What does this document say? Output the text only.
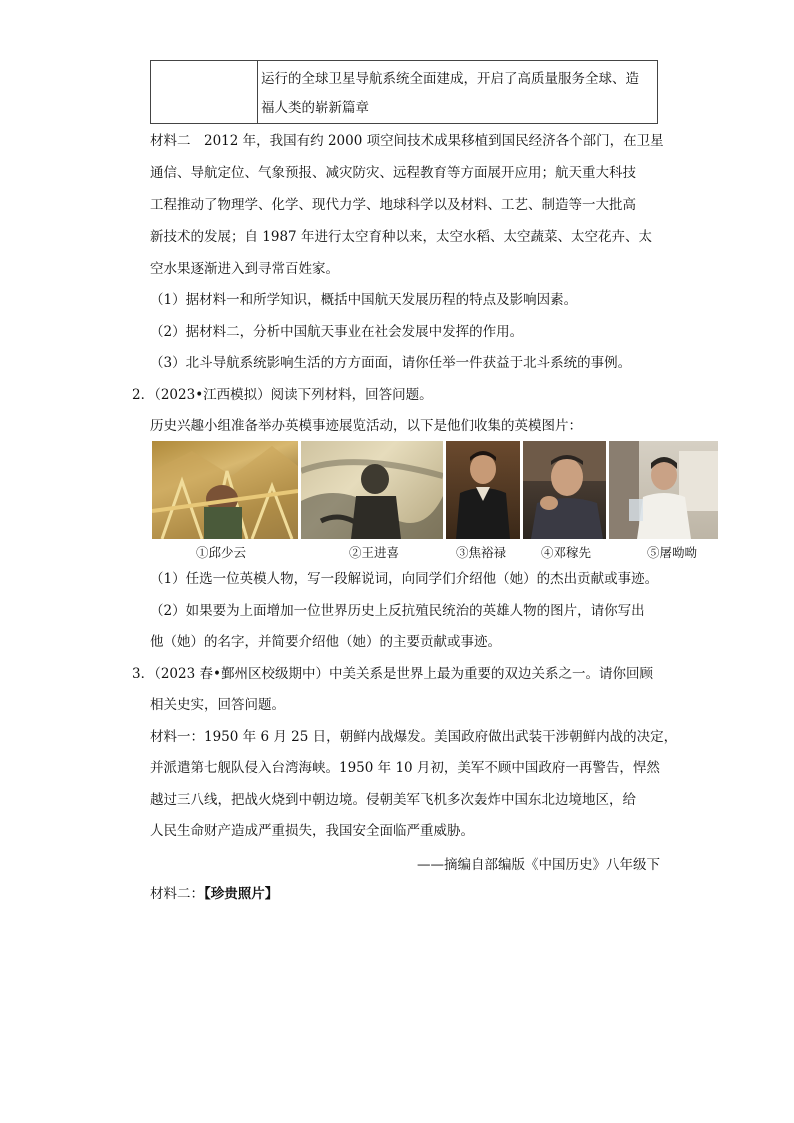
运行的全球卫星导航系统全面建成，开启了高质量服务全球、造
福人类的崭新篇章
材料二　2012 年，我国有约 2000 项空间技术成果移植到国民经济各个部门，在卫星
通信、导航定位、气象预报、减灾防灾、远程教育等方面展开应用；航天重大科技
工程推动了物理学、化学、现代力学、地球科学以及材料、工艺、制造等一大批高
新技术的发展；自 1987 年进行太空育种以来，太空水稻、太空蔬菜、太空花卉、太
空水果逐渐进入到寻常百姓家。
（1）据材料一和所学知识，概括中国航天发展历程的特点及影响因素。
（2）据材料二，分析中国航天事业在社会发展中发挥的作用。
（3）北斗导航系统影响生活的方方面面，请你任举一件获益于北斗系统的事例。
2．（2023•江西模拟）阅读下列材料，回答问题。
历史兴趣小组准备举办英模事迹展览活动，以下是他们收集的英模图片：
①邱少云	②王进喜	③焦裕禄	④邓稼先	⑤屠呦呦
（1）任选一位英模人物，写一段解说词，向同学们介绍他（她）的杰出贡献或事迹。
（2）如果要为上面增加一位世界历史上反抗殖民统治的英雄人物的图片，请你写出
他（她）的名字，并简要介绍他（她）的主要贡献或事迹。
3．（2023 春•鄞州区校级期中）中美关系是世界上最为重要的双边关系之一。请你回顾
相关史实，回答问题。
材料一：1950 年 6 月 25 日，朝鲜内战爆发。美国政府做出武装干涉朝鲜内战的决定，
并派遣第七舰队侵入台湾海峡。1950 年 10 月初，美军不顾中国政府一再警告，悍然
越过三八线，把战火烧到中朝边境。侵朝美军飞机多次轰炸中国东北边境地区，给
人民生命财产造成严重损失，我国安全面临严重威胁。
——摘编自部编版《中国历史》八年级下
材料二：【珍贵照片】
